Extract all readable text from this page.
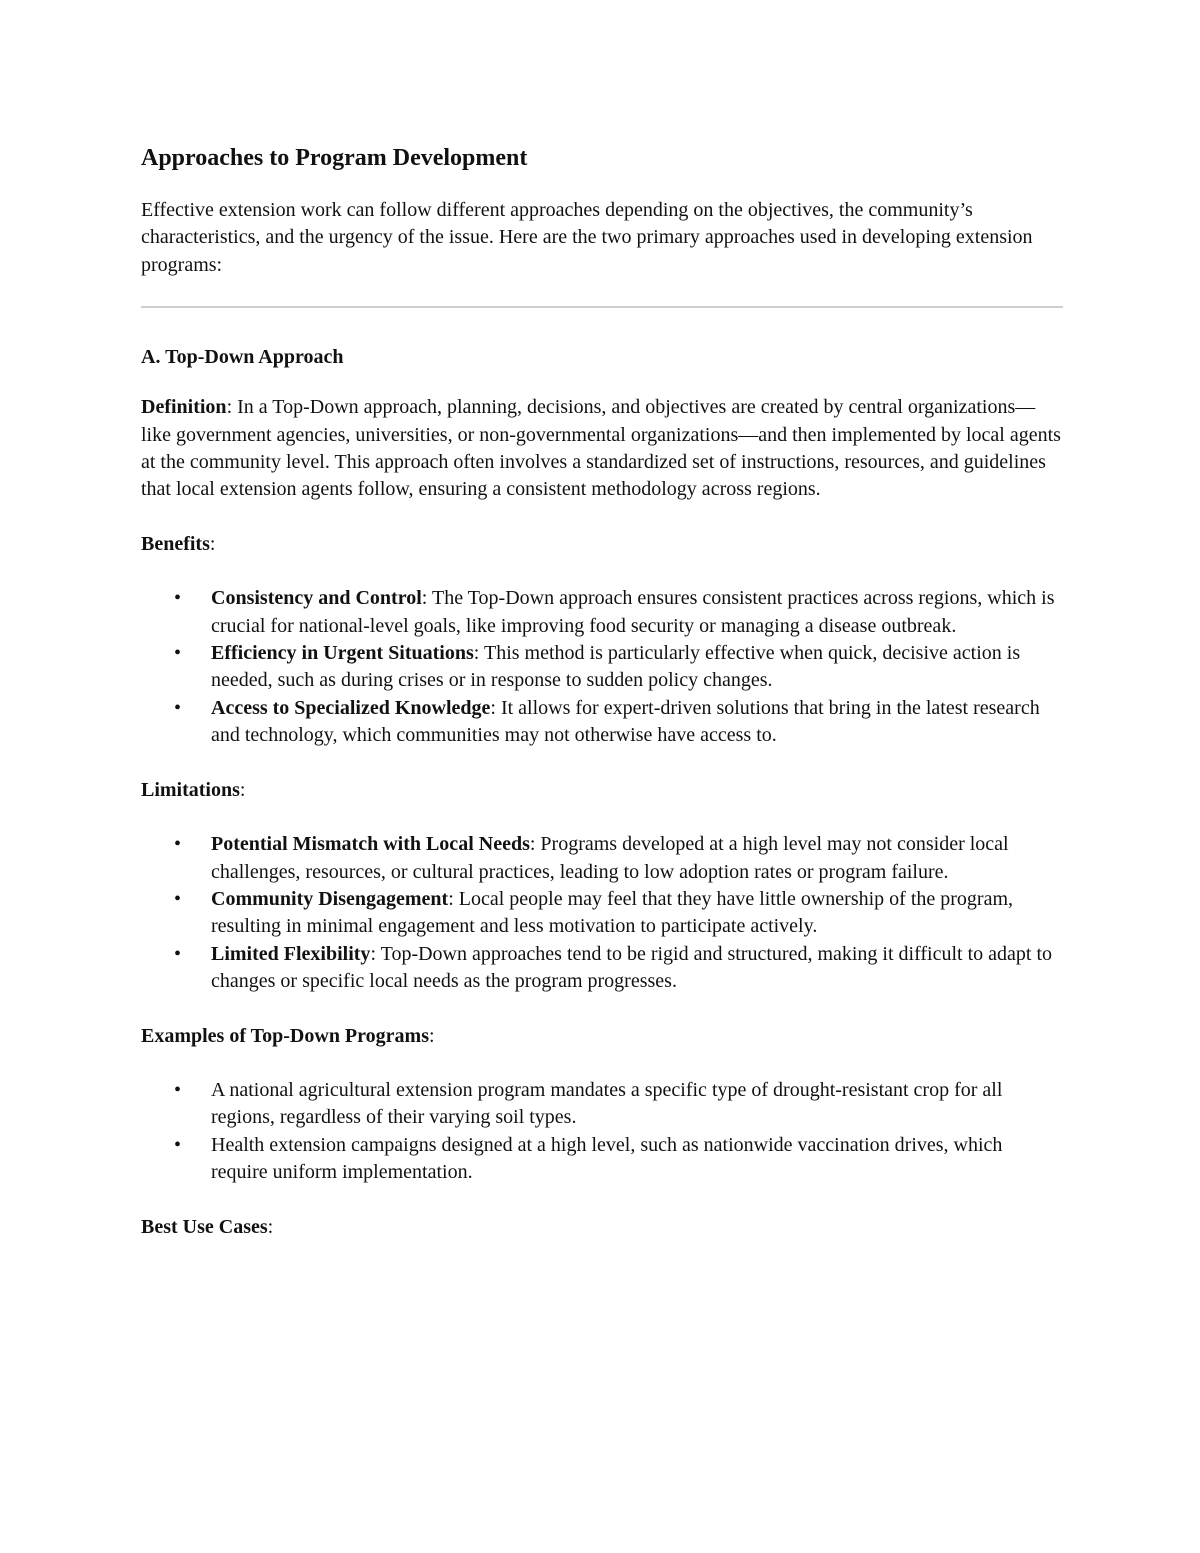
Approaches to Program Development

Effective extension work can follow different approaches depending on the objectives, the community’s characteristics, and the urgency of the issue. Here are the two primary approaches used in developing extension programs:

A. Top-Down Approach

Definition: In a Top-Down approach, planning, decisions, and objectives are created by central organizations—like government agencies, universities, or non-governmental organizations—and then implemented by local agents at the community level. This approach often involves a standardized set of instructions, resources, and guidelines that local extension agents follow, ensuring a consistent methodology across regions.

Benefits:

• Consistency and Control: The Top-Down approach ensures consistent practices across regions, which is crucial for national-level goals, like improving food security or managing a disease outbreak.
• Efficiency in Urgent Situations: This method is particularly effective when quick, decisive action is needed, such as during crises or in response to sudden policy changes.
• Access to Specialized Knowledge: It allows for expert-driven solutions that bring in the latest research and technology, which communities may not otherwise have access to.

Limitations:

• Potential Mismatch with Local Needs: Programs developed at a high level may not consider local challenges, resources, or cultural practices, leading to low adoption rates or program failure.
• Community Disengagement: Local people may feel that they have little ownership of the program, resulting in minimal engagement and less motivation to participate actively.
• Limited Flexibility: Top-Down approaches tend to be rigid and structured, making it difficult to adapt to changes or specific local needs as the program progresses.

Examples of Top-Down Programs:

• A national agricultural extension program mandates a specific type of drought-resistant crop for all regions, regardless of their varying soil types.
• Health extension campaigns designed at a high level, such as nationwide vaccination drives, which require uniform implementation.

Best Use Cases:
